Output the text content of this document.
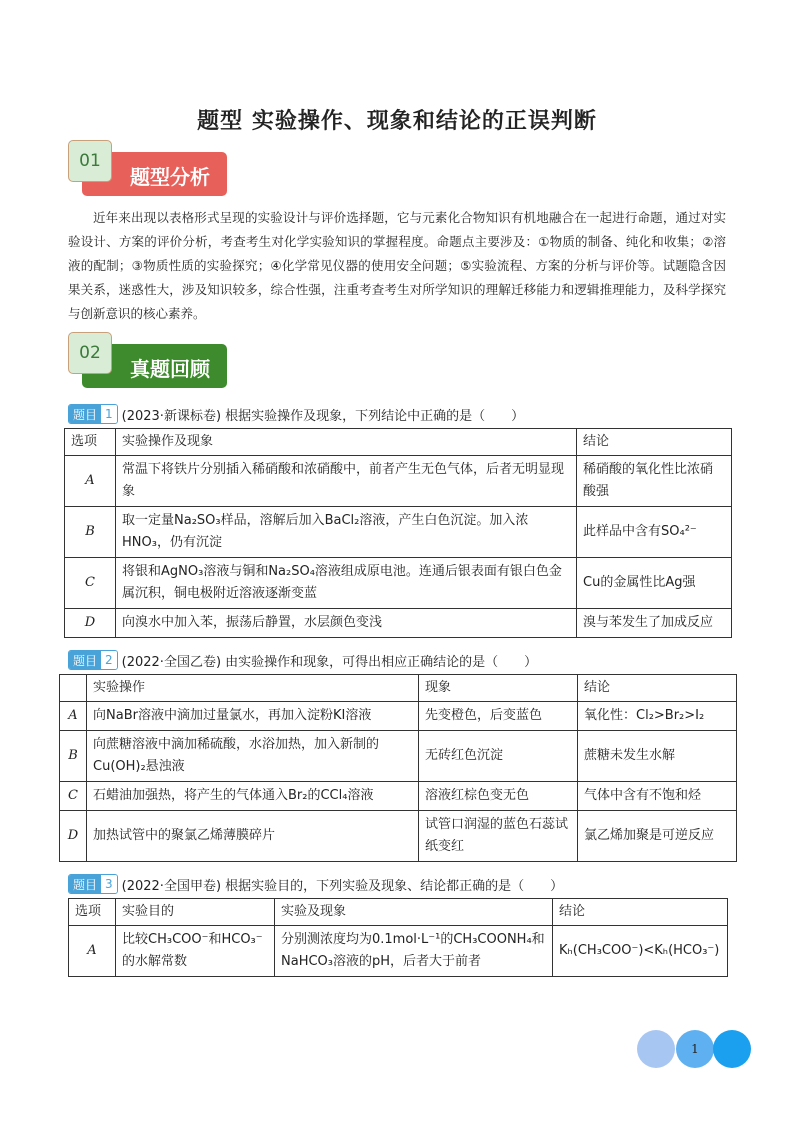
题型 实验操作、现象和结论的正误判断
01
题型分析
近年来出现以表格形式呈现的实验设计与评价选择题，它与元素化合物知识有机地融合在一起进行命题，通过对实验设计、方案的评价分析，考查考生对化学实验知识的掌握程度。命题点主要涉及：①物质的制备、纯化和收集；②溶液的配制；③物质性质的实验探究；④化学常见仪器的使用安全问题；⑤实验流程、方案的分析与评价等。试题隐含因果关系，迷惑性大，涉及知识较多，综合性强，注重考查考生对所学知识的理解迁移能力和逻辑推理能力，及科学探究与创新意识的核心素养。
02
真题回顾
题目 1 (2023·新课标卷) 根据实验操作及现象，下列结论中正确的是（　　）
选项	实验操作及现象	结论
A	常温下将铁片分别插入稀硝酸和浓硝酸中，前者产生无色气体，后者无明显现象	稀硝酸的氧化性比浓硝酸强
B	取一定量Na₂SO₃样品，溶解后加入BaCl₂溶液，产生白色沉淀。加入浓HNO₃，仍有沉淀	此样品中含有SO₄²⁻
C	将银和AgNO₃溶液与铜和Na₂SO₄溶液组成原电池。连通后银表面有银白色金属沉积，铜电极附近溶液逐渐变蓝	Cu的金属性比Ag强
D	向溴水中加入苯，振荡后静置，水层颜色变浅	溴与苯发生了加成反应
题目 2 (2022·全国乙卷) 由实验操作和现象，可得出相应正确结论的是（　　）
	实验操作	现象	结论
A	向NaBr溶液中滴加过量氯水，再加入淀粉KI溶液	先变橙色，后变蓝色	氧化性：Cl₂>Br₂>I₂
B	向蔗糖溶液中滴加稀硫酸，水浴加热，加入新制的Cu(OH)₂悬浊液	无砖红色沉淀	蔗糖未发生水解
C	石蜡油加强热，将产生的气体通入Br₂的CCl₄溶液	溶液红棕色变无色	气体中含有不饱和烃
D	加热试管中的聚氯乙烯薄膜碎片	试管口润湿的蓝色石蕊试纸变红	氯乙烯加聚是可逆反应
题目 3 (2022·全国甲卷) 根据实验目的，下列实验及现象、结论都正确的是（　　）
选项	实验目的	实验及现象	结论
A	比较CH₃COO⁻和HCO₃⁻的水解常数	分别测浓度均为0.1mol·L⁻¹的CH₃COONH₄和NaHCO₃溶液的pH，后者大于前者	Kₕ(CH₃COO⁻)<Kₕ(HCO₃⁻)
1
